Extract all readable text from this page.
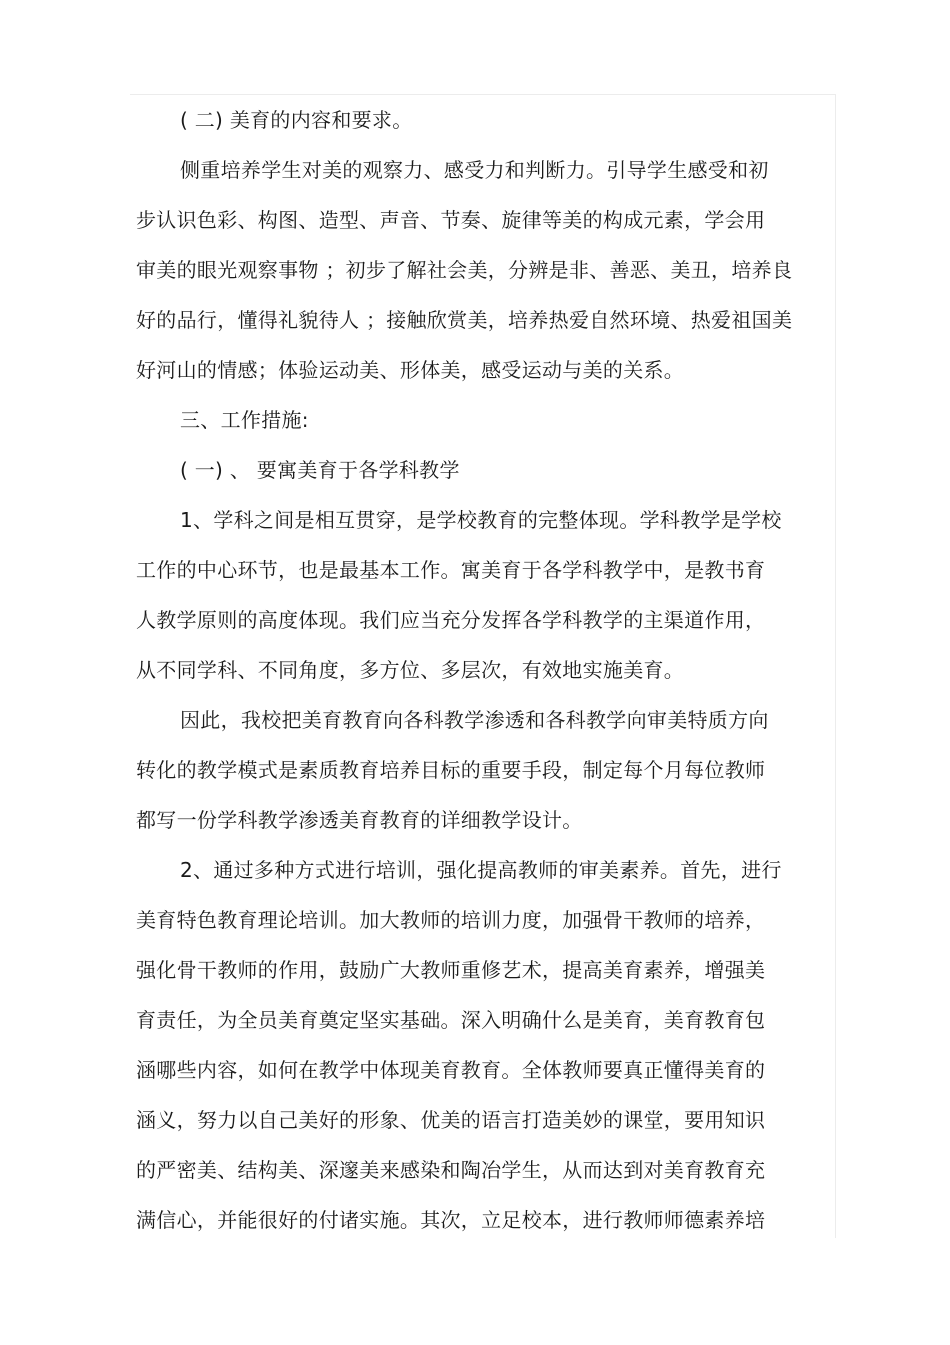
( 二) 美育的内容和要求。
侧重培养学生对美的观察力、感受力和判断力。引导学生感受和初
步认识色彩、构图、造型、声音、节奏、旋律等美的构成元素，学会用
审美的眼光观察事物 ；初步了解社会美，分辨是非、善恶、美丑，培养良
好的品行，懂得礼貌待人 ；接触欣赏美，培养热爱自然环境、热爱祖国美
好河山的情感；体验运动美、形体美，感受运动与美的关系。
三、工作措施:
( 一) 、 要寓美育于各学科教学
1、学科之间是相互贯穿，是学校教育的完整体现。学科教学是学校
工作的中心环节，也是最基本工作。寓美育于各学科教学中，是教书育
人教学原则的高度体现。我们应当充分发挥各学科教学的主渠道作用，
从不同学科、不同角度，多方位、多层次，有效地实施美育。
因此，我校把美育教育向各科教学渗透和各科教学向审美特质方向
转化的教学模式是素质教育培养目标的重要手段，制定每个月每位教师
都写一份学科教学渗透美育教育的详细教学设计。
2、通过多种方式进行培训，强化提高教师的审美素养。首先，进行
美育特色教育理论培训。加大教师的培训力度，加强骨干教师的培养，
强化骨干教师的作用，鼓励广大教师重修艺术，提高美育素养，增强美
育责任，为全员美育奠定坚实基础。深入明确什么是美育，美育教育包
涵哪些内容，如何在教学中体现美育教育。全体教师要真正懂得美育的
涵义，努力以自己美好的形象、优美的语言打造美妙的课堂，要用知识
的严密美、结构美、深邃美来感染和陶冶学生，从而达到对美育教育充
满信心，并能很好的付诸实施。其次，立足校本，进行教师师德素养培
